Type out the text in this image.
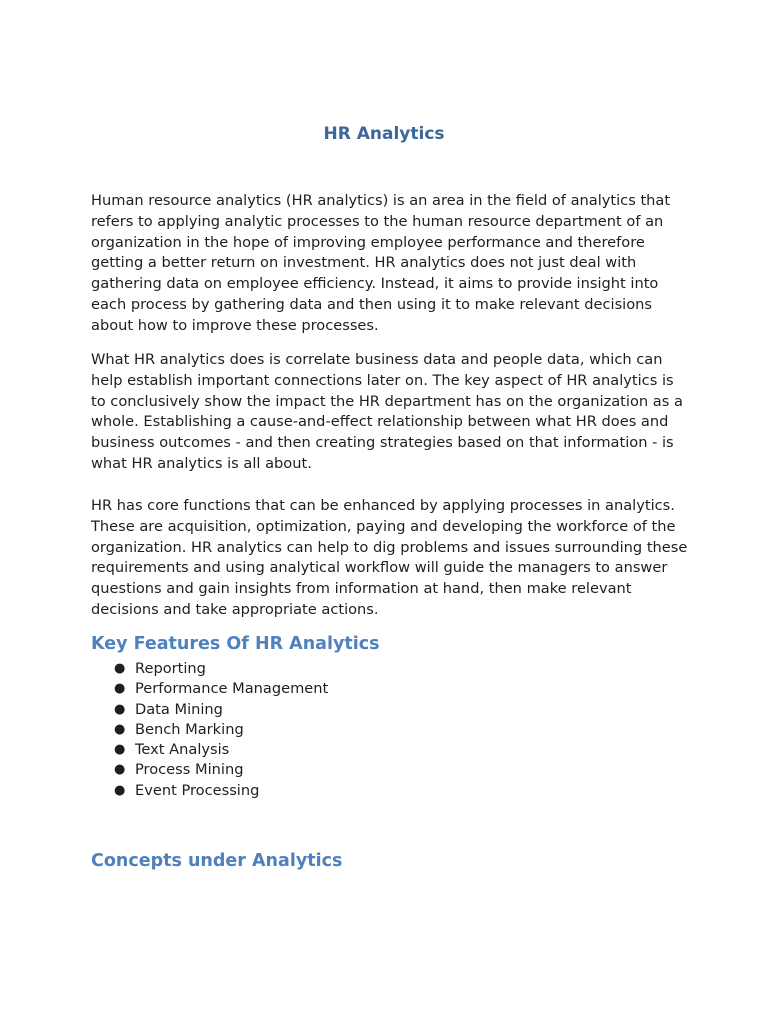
HR Analytics

Human resource analytics (HR analytics) is an area in the field of analytics that refers to applying analytic processes to the human resource department of an organization in the hope of improving employee performance and therefore getting a better return on investment. HR analytics does not just deal with gathering data on employee efficiency. Instead, it aims to provide insight into each process by gathering data and then using it to make relevant decisions about how to improve these processes.

What HR analytics does is correlate business data and people data, which can help establish important connections later on. The key aspect of HR analytics is to conclusively show the impact the HR department has on the organization as a whole. Establishing a cause-and-effect relationship between what HR does and business outcomes - and then creating strategies based on that information - is what HR analytics is all about.

HR has core functions that can be enhanced by applying processes in analytics. These are acquisition, optimization, paying and developing the workforce of the organization. HR analytics can help to dig problems and issues surrounding these requirements and using analytical workflow will guide the managers to answer questions and gain insights from information at hand, then make relevant decisions and take appropriate actions.

Key Features Of HR Analytics
● Reporting
● Performance Management
● Data Mining
● Bench Marking
● Text Analysis
● Process Mining
● Event Processing
Concepts under Analytics
